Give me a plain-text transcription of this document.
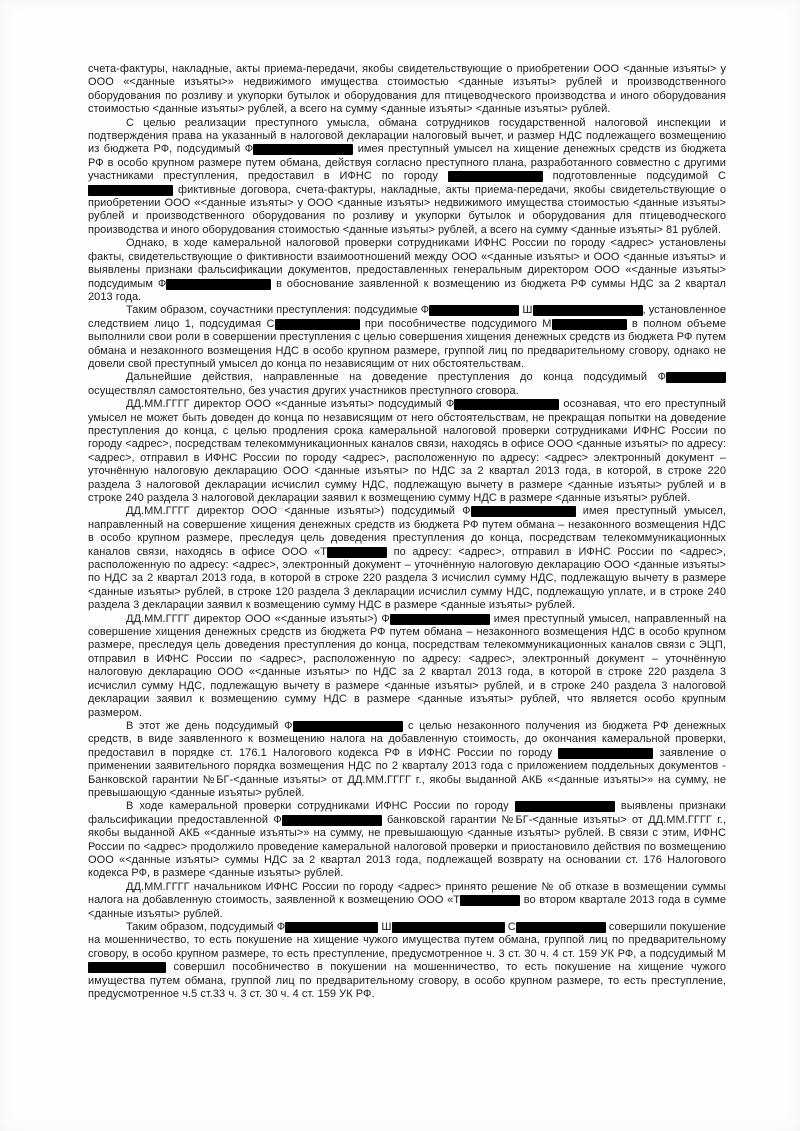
счета-фактуры, накладные, акты приема-передачи, якобы свидетельствующие о приобретении ООО <данные изъяты> у ООО «<данные изъяты>» недвижимого имущества стоимостью <данные изъяты> рублей и производственного оборудования по розливу и укупорки бутылок и оборудования для птицеводческого производства и иного оборудования стоимостью <данные изъяты> рублей, а всего на сумму <данные изъяты> <данные изъяты> рублей.

С целью реализации преступного умысла, обмана сотрудников государственной налоговой инспекции и подтверждения права на указанный в налоговой декларации налоговый вычет, и размер НДС подлежащего возмещению из бюджета РФ, подсудимый Ф	имея преступный умысел на хищение денежных средств из бюджета РФ в особо крупном размере путем обмана, действуя согласно преступного плана, разработанного совместно с другими участниками преступления, предоставил в ИФНС по городу	подготовленные подсудимой С фиктивные договора, счета-фактуры, накладные, акты приема-передачи, якобы свидетельствующие о приобретении ООО «<данные изъяты> у ООО <данные изъяты> недвижимого имущества стоимостью <данные изъяты> рублей и производственного оборудования по розливу и укупорки бутылок и оборудования для птицеводческого производства и иного оборудования стоимостью <данные изъяты> рублей, а всего на сумму <данные изъяты> 81 рублей.

Однако, в ходе камеральной налоговой проверки сотрудниками ИФНС России по городу <адрес> установлены факты, свидетельствующие о фиктивности взаимоотношений между ООО «<данные изъяты> и ООО <данные изъяты> и выявлены признаки фальсификации документов, предоставленных генеральным директором ООО «<данные изъяты> подсудимым Ф	в обоснование заявленной к возмещению из бюджета РФ суммы НДС за 2 квартал 2013 года.

Таким образом, соучастники преступления: подсудимые Ф	Ш	, установленное следствием лицо 1, подсудимая С	при пособничестве подсудимого М	в полном объеме выполнили свои роли в совершении преступления с целью совершения хищения денежных средств из бюджета РФ путем обмана и незаконного возмещения НДС в особо крупном размере, группой лиц по предварительному сговору, однако не довели свой преступный умысел до конца по независящим от них обстоятельствам.

Дальнейшие действия, направленные на доведение преступления до конца подсудимый Ф осуществлял самостоятельно, без участия других участников преступного сговора.

ДД.ММ.ГГГГ директор ООО «<данные изъяты> подсудимый Ф	осознавая, что его преступный умысел не может быть доведен до конца по независящим от него обстоятельствам, не прекращая попытки на доведение преступления до конца, с целью продления срока камеральной налоговой проверки сотрудниками ИФНС России по городу <адрес>, посредствам телекоммуникационных каналов связи, находясь в офисе ООО <данные изъяты> по адресу: <адрес>, отправил в ИФНС России по городу <адрес>, расположенную по адресу: <адрес> электронный документ – уточнённую налоговую декларацию ООО <данные изъяты> по НДС за 2 квартал 2013 года, в которой, в строке 220 раздела 3 налоговой декларации исчислил сумму НДС, подлежащую вычету в размере <данные изъяты> рублей и в строке 240 раздела 3 налоговой декларации заявил к возмещению сумму НДС в размере <данные изъяты> рублей.

ДД.ММ.ГГГГ директор ООО <данные изъяты>) подсудимый Ф	имея преступный умысел, направленный на совершение хищения денежных средств из бюджета РФ путем обмана – незаконного возмещения НДС в особо крупном размере, преследуя цель доведения преступления до конца, посредствам телекоммуникационных каналов связи, находясь в офисе ООО «Т	по адресу: <адрес>, отправил в ИФНС России по <адрес>, расположенную по адресу: <адрес>, электронный документ – уточнённую налоговую декларацию ООО <данные изъяты> по НДС за 2 квартал 2013 года, в которой в строке 220 раздела 3 исчислил сумму НДС, подлежащую вычету в размере <данные изъяты> рублей, в строке 120 раздела 3 декларации исчислил сумму НДС, подлежащую уплате, и в строке 240 раздела 3 декларации заявил к возмещению сумму НДС в размере <данные изъяты> рублей.

ДД.ММ.ГГГГ директор ООО «<данные изъяты>) Ф	имея преступный умысел, направленный на совершение хищения денежных средств из бюджета РФ путем обмана – незаконного возмещения НДС в особо крупном размере, преследуя цель доведения преступления до конца, посредствам телекоммуникационных каналов связи с ЭЦП, отправил в ИФНС России по <адрес>, расположенную по адресу: <адрес>, электронный документ – уточнённую налоговую декларацию ООО «<данные изъяты> по НДС за 2 квартал 2013 года, в которой в строке 220 раздела 3 исчислил сумму НДС, подлежащую вычету в размере <данные изъяты> рублей, и в строке 240 раздела 3 налоговой декларации заявил к возмещению сумму НДС в размере <данные изъяты> рублей, что является особо крупным размером.

В этот же день подсудимый Ф	с целью незаконного получения из бюджета РФ денежных средств, в виде заявленного к возмещению налога на добавленную стоимость, до окончания камеральной проверки, предоставил в порядке ст. 176.1 Налогового кодекса РФ в ИФНС России по городу	заявление о применении заявительного порядка возмещения НДС по 2 кварталу 2013 года с приложением поддельных документов - Банковской гарантии №БГ-<данные изъяты> от ДД.ММ.ГГГГ г., якобы выданной АКБ «<данные изъяты>» на сумму, не превышающую <данные изъяты> рублей.

В ходе камеральной проверки сотрудниками ИФНС России по городу	выявлены признаки фальсификации предоставленной Ф	банковской гарантии №БГ-<данные изъяты> от ДД.ММ.ГГГГ г., якобы выданной АКБ «<данные изъяты>» на сумму, не превышающую <данные изъяты> рублей. В связи с этим, ИФНС России по <адрес> продолжило проведение камеральной налоговой проверки и приостановило действия по возмещению ООО «<данные изъяты> суммы НДС за 2 квартал 2013 года, подлежащей возврату на основании ст. 176 Налогового кодекса РФ, в размере <данные изъяты> рублей.

ДД.ММ.ГГГГ начальником ИФНС России по городу <адрес> принято решение № об отказе в возмещении суммы налога на добавленную стоимость, заявленной к возмещению ООО «Т	во втором квартале 2013 года в сумме <данные изъяты> рублей.

Таким образом, подсудимый Ф	Ш	С	совершили покушение на мошенничество, то есть покушение на хищение чужого имущества путем обмана, группой лиц по предварительному сговору, в особо крупном размере, то есть преступление, предусмотренное ч. 3 ст. 30 ч. 4 ст. 159 УК РФ, а подсудимый М совершил пособничество в покушении на мошенничество, то есть покушение на хищение чужого имущества путем обмана, группой лиц по предварительному сговору, в особо крупном размере, то есть преступление, предусмотренное ч.5 ст.33 ч. 3 ст. 30 ч. 4 ст. 159 УК РФ.
